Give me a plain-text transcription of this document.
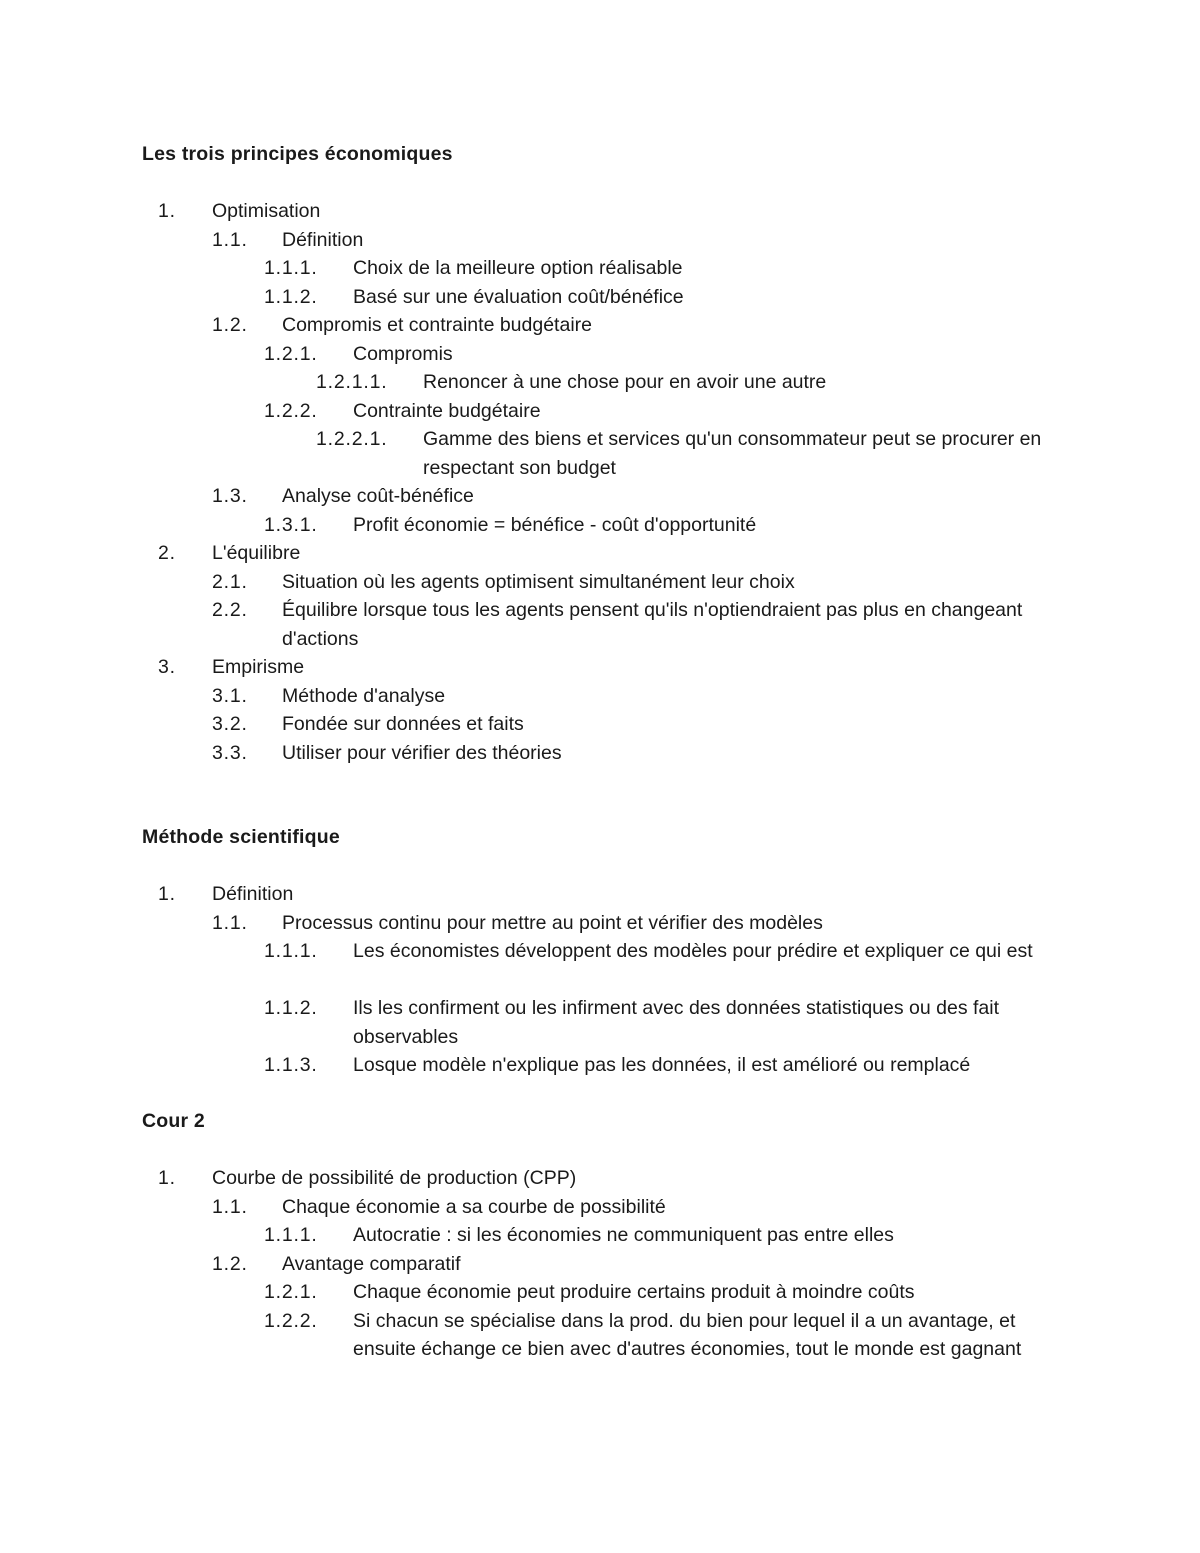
Les trois principes économiques
1. Optimisation
1.1. Définition
1.1.1. Choix de la meilleure option réalisable
1.1.2. Basé sur une évaluation coût/bénéfice
1.2. Compromis et contrainte budgétaire
1.2.1. Compromis
1.2.1.1. Renoncer à une chose pour en avoir une autre
1.2.2. Contrainte budgétaire
1.2.2.1. Gamme des biens et services qu'un consommateur peut se procurer en respectant son budget
1.3. Analyse coût-bénéfice
1.3.1. Profit économie = bénéfice - coût d'opportunité
2. L'équilibre
2.1. Situation où les agents optimisent simultanément leur choix
2.2. Équilibre lorsque tous les agents pensent qu'ils n'optiendraient pas plus en changeant d'actions
3. Empirisme
3.1. Méthode d'analyse
3.2. Fondée sur données et faits
3.3. Utiliser pour vérifier des théories
Méthode scientifique
1. Définition
1.1. Processus continu pour mettre au point et vérifier des modèles
1.1.1. Les économistes développent des modèles pour prédire et expliquer ce qui est
1.1.2. Ils les confirment ou les infirment avec des données statistiques ou des fait observables
1.1.3. Losque modèle n'explique pas les données, il est amélioré ou remplacé
Cour 2
1. Courbe de possibilité de production (CPP)
1.1. Chaque économie a sa courbe de possibilité
1.1.1. Autocratie : si les économies ne communiquent pas entre elles
1.2. Avantage comparatif
1.2.1. Chaque économie peut produire certains produit à moindre coûts
1.2.2. Si chacun se spécialise dans la prod. du bien pour lequel il a un avantage, et ensuite échange ce bien avec d'autres économies, tout le monde est gagnant
